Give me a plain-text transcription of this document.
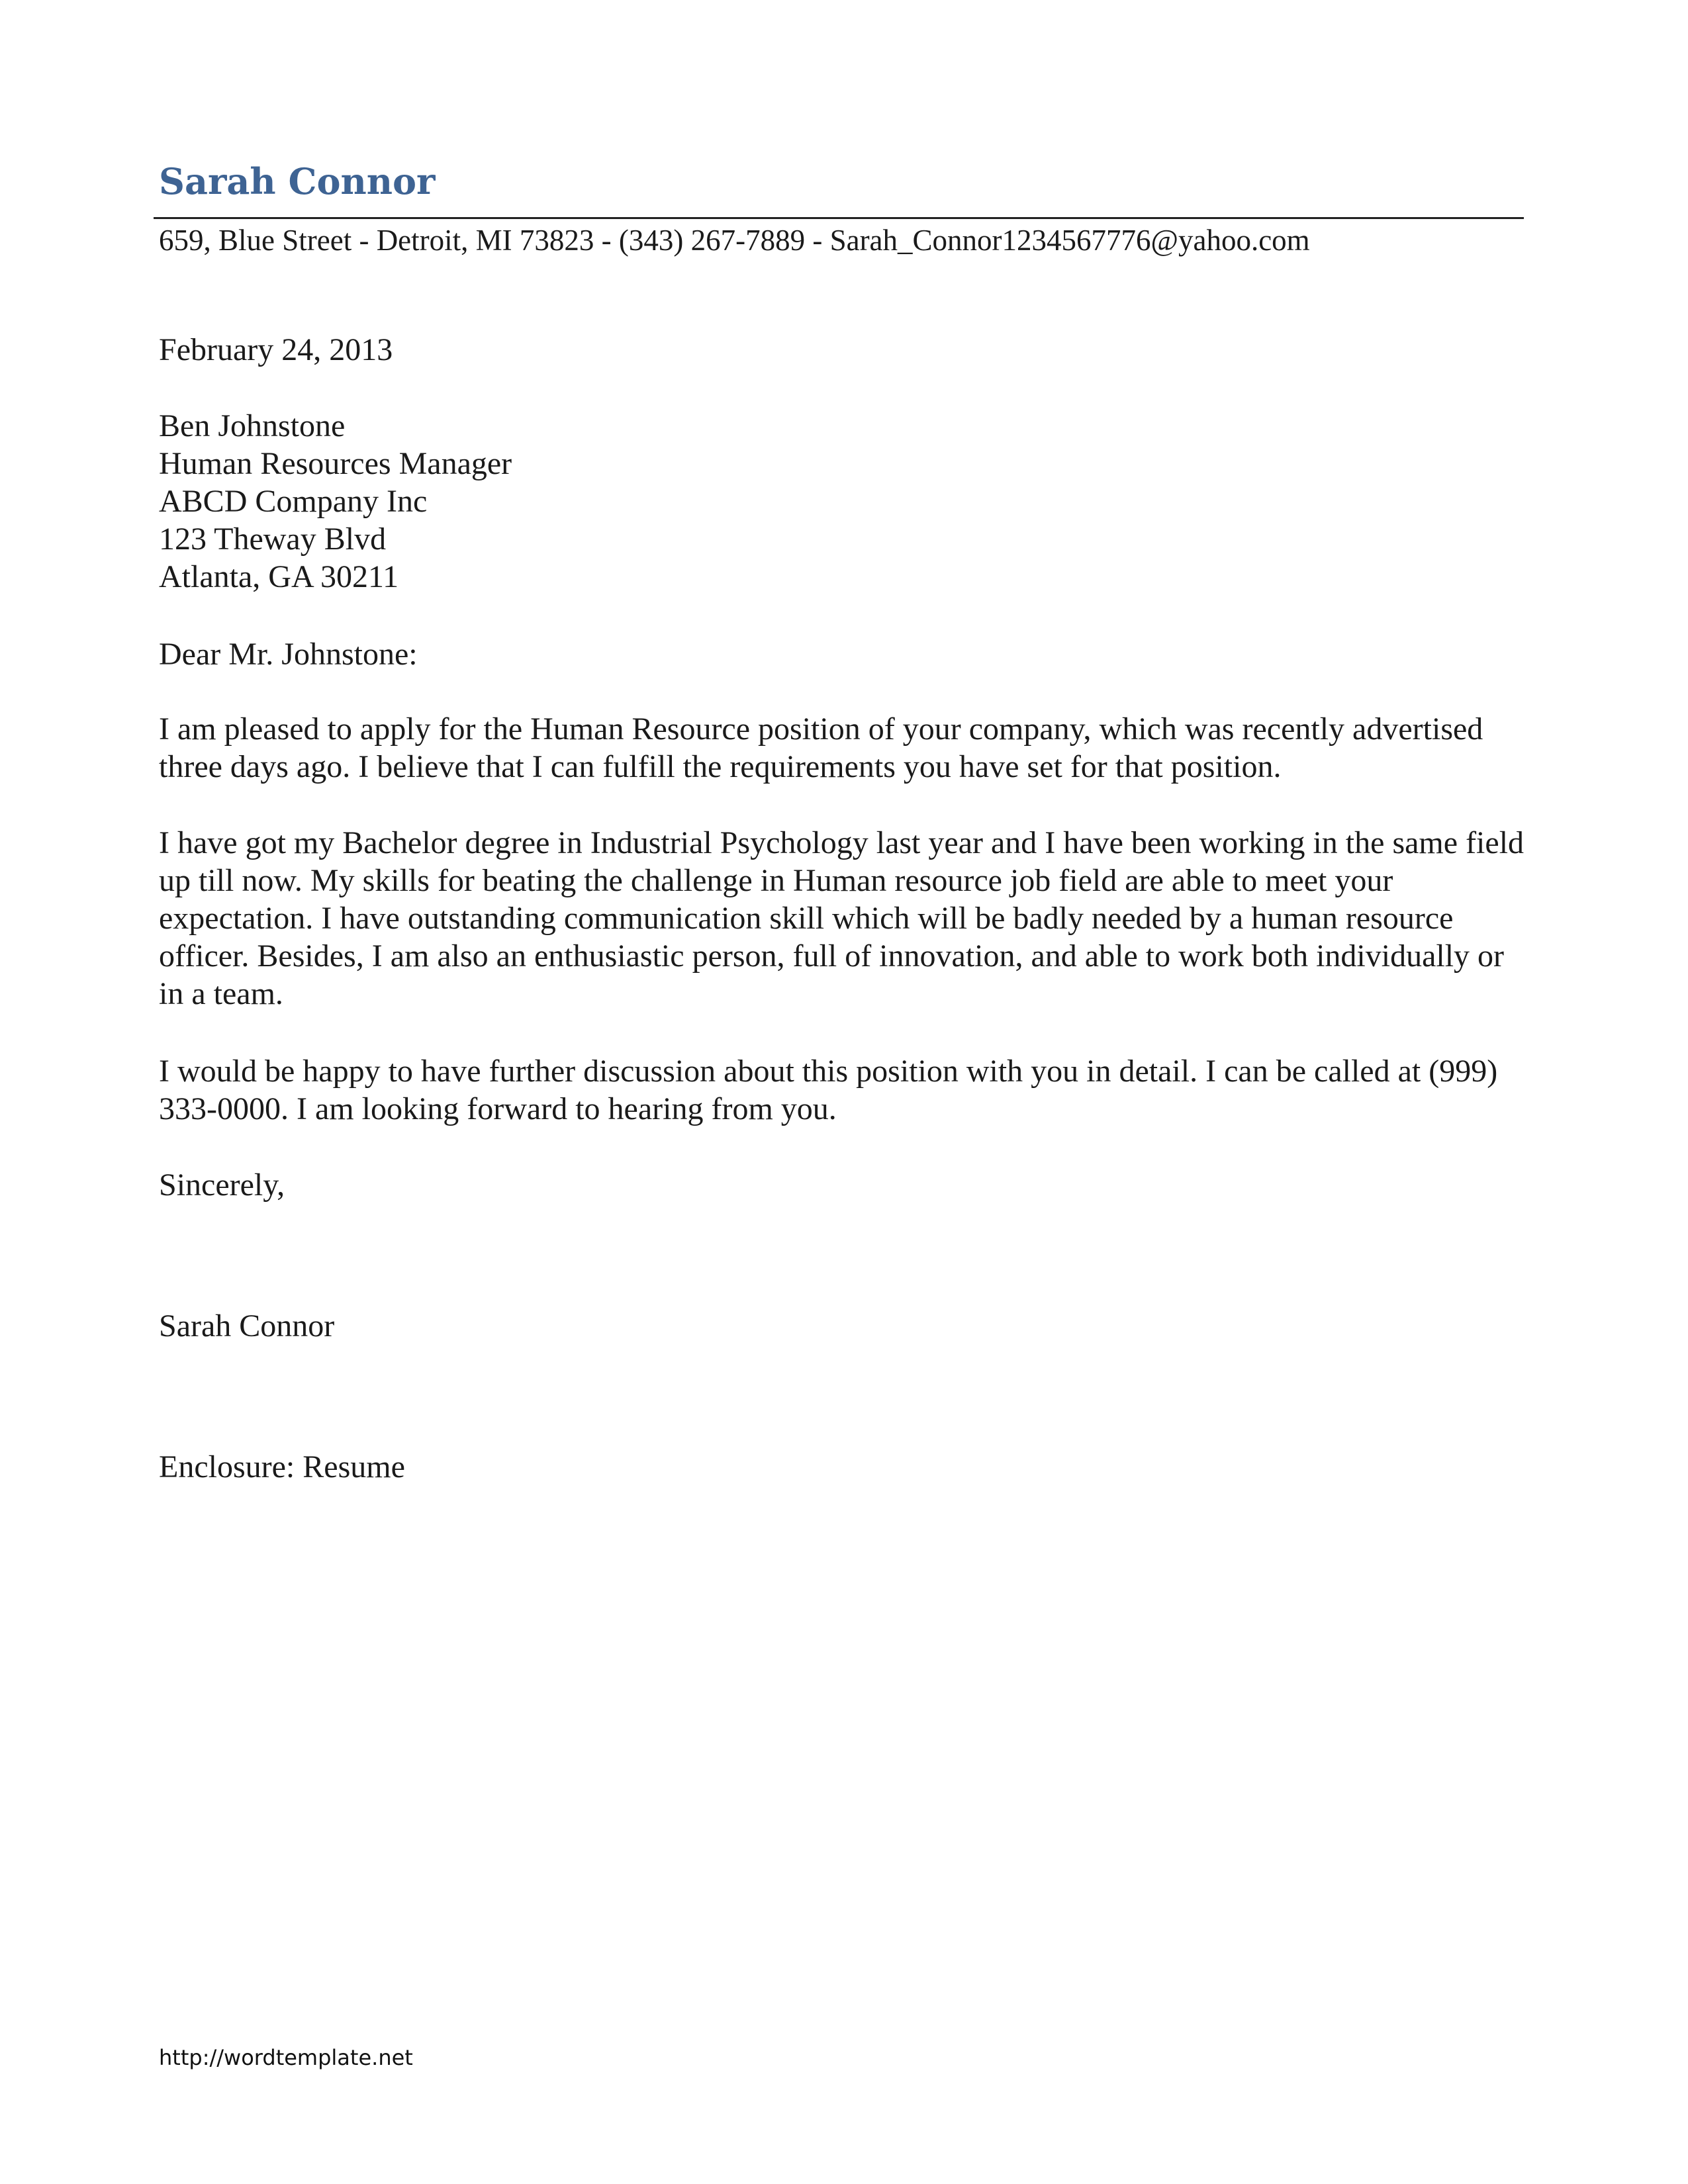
Sarah Connor
659, Blue Street - Detroit, MI 73823 - (343) 267-7889 - Sarah_Connor1234567776@yahoo.com
February 24, 2013
Ben Johnstone
Human Resources Manager
ABCD Company Inc
123 Theway Blvd
Atlanta, GA 30211
Dear Mr. Johnstone:

I am pleased to apply for the Human Resource position of your company, which was recently advertised three days ago. I believe that I can fulfill the requirements you have set for that position.

I have got my Bachelor degree in Industrial Psychology last year and I have been working in the same field up till now. My skills for beating the challenge in Human resource job field are able to meet your expectation. I have outstanding communication skill which will be badly needed by a human resource officer. Besides, I am also an enthusiastic person, full of innovation, and able to work both individually or in a team.

I would be happy to have further discussion about this position with you in detail. I can be called at (999) 333-0000. I am looking forward to hearing from you.

Sincerely,
Sarah Connor
Enclosure: Resume
http://wordtemplate.net
